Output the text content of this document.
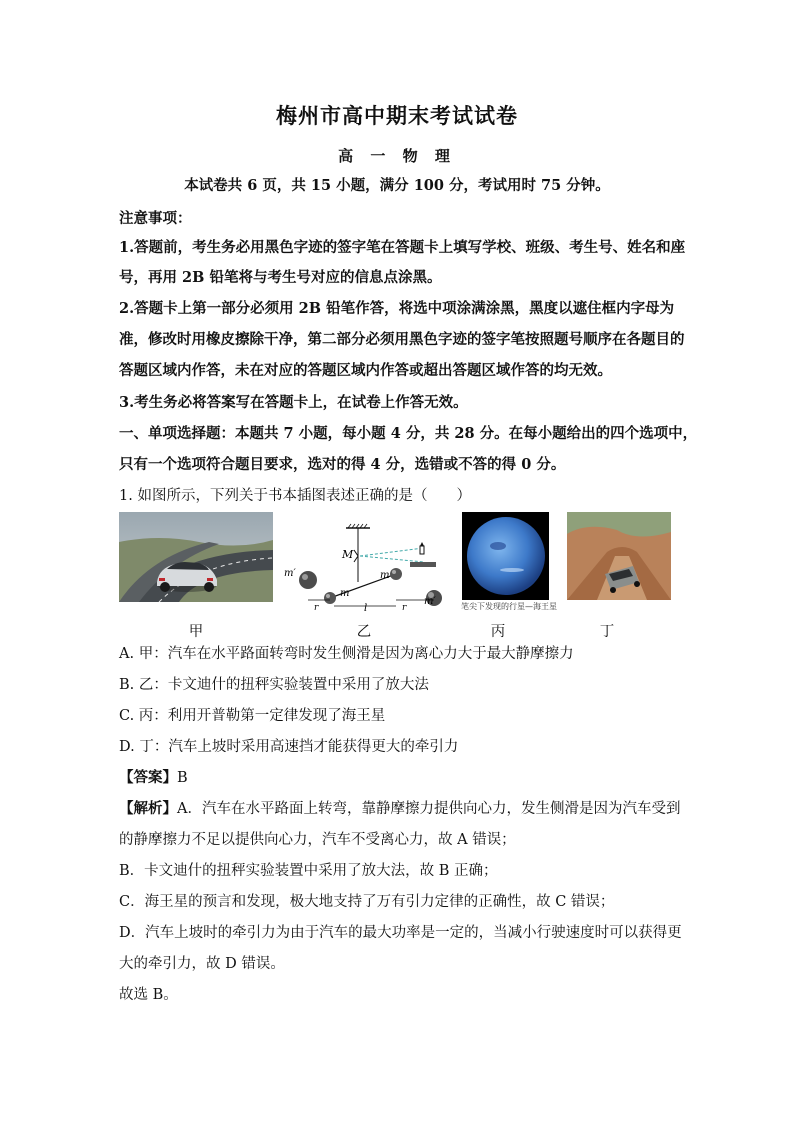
梅州市高中期末考试试卷
高 一 物 理
本试卷共 6 页，共 15 小题，满分 100 分，考试用时 75 分钟。
注意事项：
1.答题前，考生务必用黑色字迹的签字笔在答题卡上填写学校、班级、考生号、姓名和座
号，再用 2B 铅笔将与考生号对应的信息点涂黑。
2.答题卡上第一部分必须用 2B 铅笔作答，将选中项涂满涂黑，黑度以遮住框内字母为
准，修改时用橡皮擦除干净，第二部分必须用黑色字迹的签字笔按照题号顺序在各题目的
答题区域内作答，未在对应的答题区域内作答或超出答题区域作答的均无效。
3.考生务必将答案写在答题卡上，在试卷上作答无效。
一、单项选择题：本题共 7 小题，每小题 4 分，共 28 分。在每小题给出的四个选项中，
只有一个选项符合题目要求，选对的得 4 分，选错或不答的得 0 分。
1. 如图所示，下列关于书本插图表述正确的是（　　）
M
m′	m
m
m′
r	l	r	笔尖下发现的行星—海王星
甲	乙	丙	丁
A. 甲：汽车在水平路面转弯时发生侧滑是因为离心力大于最大静摩擦力
B. 乙：卡文迪什的扭秤实验装置中采用了放大法
C. 丙：利用开普勒第一定律发现了海王星
D. 丁：汽车上坡时采用高速挡才能获得更大的牵引力
【答案】B
【解析】A．汽车在水平路面上转弯，靠静摩擦力提供向心力，发生侧滑是因为汽车受到
的静摩擦力不足以提供向心力，汽车不受离心力，故 A 错误；
B．卡文迪什的扭秤实验装置中采用了放大法，故 B 正确；
C．海王星的预言和发现，极大地支持了万有引力定律的正确性，故 C 错误；
D．汽车上坡时的牵引力为由于汽车的最大功率是一定的，当减小行驶速度时可以获得更
大的牵引力，故 D 错误。
故选 B。
